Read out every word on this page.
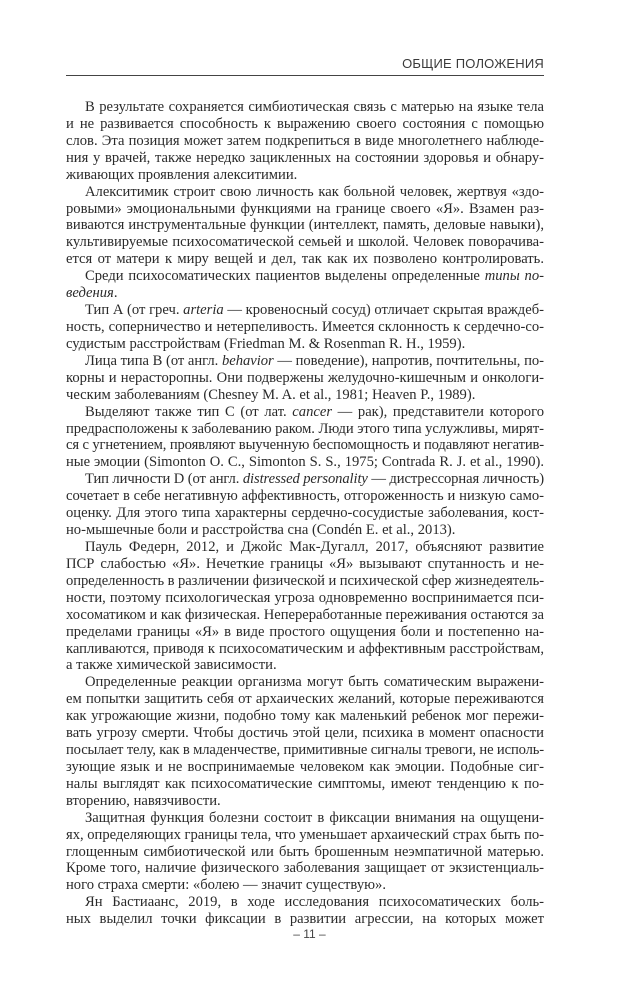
ОБЩИЕ ПОЛОЖЕНИЯ

В результате сохраняется симбиотическая связь с матерью на языке тела
и не развивается способность к выражению своего состояния с помощью
слов. Эта позиция может затем подкрепиться в виде многолетнего наблюде-
ния у врачей, также нередко зацикленных на состоянии здоровья и обнару-
живающих проявления алекситимии.

Алекситимик строит свою личность как больной человек, жертвуя «здо-
ровыми» эмоциональными функциями на границе своего «Я». Взамен раз-
виваются инструментальные функции (интеллект, память, деловые навыки),
культивируемые психосоматической семьей и школой. Человек поворачива-
ется от матери к миру вещей и дел, так как их позволено контролировать.

Среди психосоматических пациентов выделены определенные типы по-
ведения.

Тип А (от греч. arteria — кровеносный сосуд) отличает скрытая враждеб-
ность, соперничество и нетерпеливость. Имеется склонность к сердечно-со-
судистым расстройствам (Friedman M. & Rosenman R. H., 1959).

Лица типа В (от англ. behavior — поведение), напротив, почтительны, по-
корны и нерасторопны. Они подвержены желудочно-кишечным и онкологи-
ческим заболеваниям (Chesney M. A. et al., 1981; Heaven P., 1989).

Выделяют также тип С (от лат. cancer — рак), представители которого
предрасположены к заболеванию раком. Люди этого типа услужливы, мирят-
ся с угнетением, проявляют выученную беспомощность и подавляют негатив-
ные эмоции (Simonton O. C., Simonton S. S., 1975; Contrada R. J. et al., 1990).

Тип личности D (от англ. distressed personality — дистрессорная личность)
сочетает в себе негативную аффективность, отгороженность и низкую само-
оценку. Для этого типа характерны сердечно-сосудистые заболевания, кост-
но-мышечные боли и расстройства сна (Condén E. et al., 2013).

Пауль Федерн, 2012, и Джойс Мак-Дугалл, 2017, объясняют развитие
ПСР слабостью «Я». Нечеткие границы «Я» вызывают спутанность и не-
определенность в различении физической и психической сфер жизнедеятель-
ности, поэтому психологическая угроза одновременно воспринимается пси-
хосоматиком и как физическая. Непереработанные переживания остаются за
пределами границы «Я» в виде простого ощущения боли и постепенно на-
капливаются, приводя к психосоматическим и аффективным расстройствам,
а также химической зависимости.

Определенные реакции организма могут быть соматическим выражени-
ем попытки защитить себя от архаических желаний, которые переживаются
как угрожающие жизни, подобно тому как маленький ребенок мог пережи-
вать угрозу смерти. Чтобы достичь этой цели, психика в момент опасности
посылает телу, как в младенчестве, примитивные сигналы тревоги, не исполь-
зующие язык и не воспринимаемые человеком как эмоции. Подобные сиг-
налы выглядят как психосоматические симптомы, имеют тенденцию к по-
вторению, навязчивости.

Защитная функция болезни состоит в фиксации внимания на ощущени-
ях, определяющих границы тела, что уменьшает архаический страх быть по-
глощенным симбиотической или быть брошенным неэмпатичной матерью.
Кроме того, наличие физического заболевания защищает от экзистенциаль-
ного страха смерти: «болею — значит существую».

Ян Бастиаанс, 2019, в ходе исследования психосоматических боль-
ных выделил точки фиксации в развитии агрессии, на которых может

– 11 –
